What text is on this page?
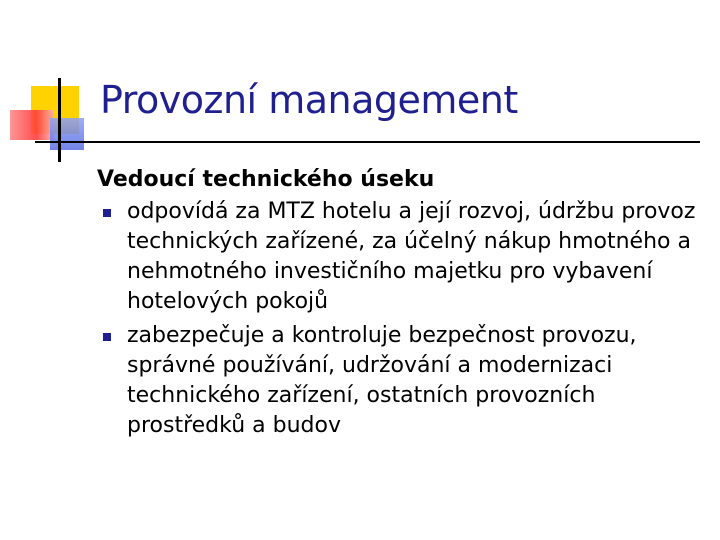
Provozní management
Vedoucí technického úseku
odpovídá za MTZ hotelu a její rozvoj, údržbu provoz technických zařízené, za účelný nákup hmotného a nehmotného investičního majetku pro vybavení hotelových pokojů
zabezpečuje a kontroluje bezpečnost provozu, správné používání, udržování a modernizaci technického zařízení, ostatních provozních prostředků a budov
